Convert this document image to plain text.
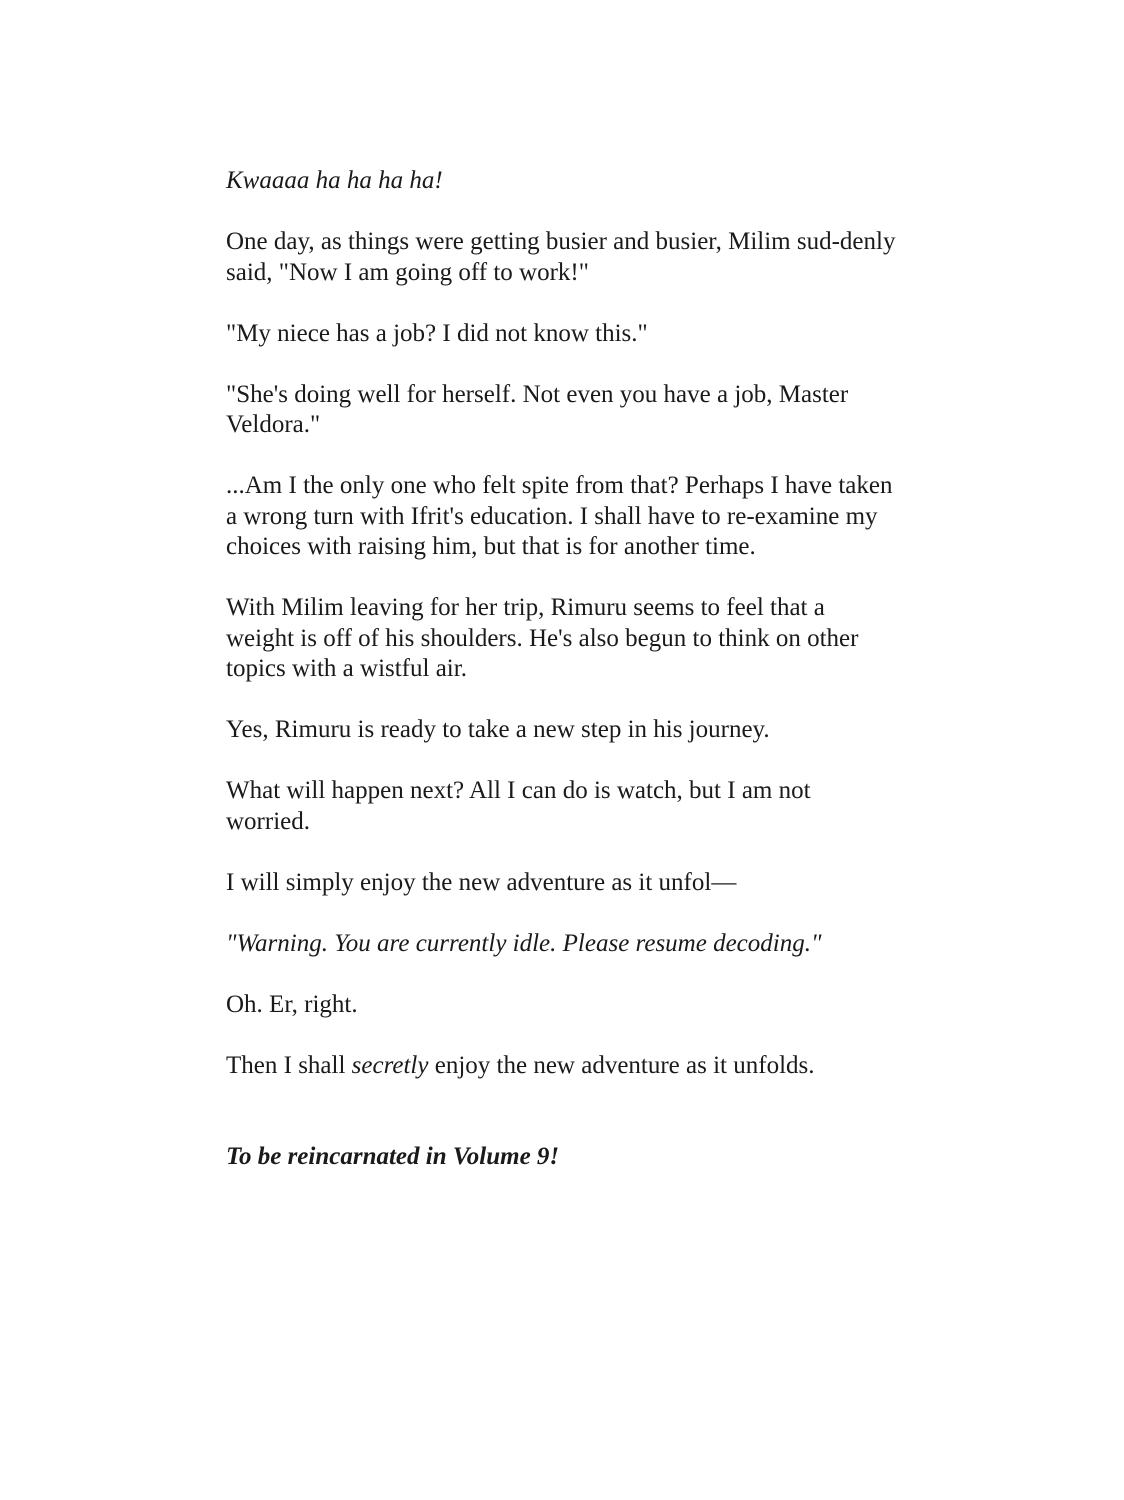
Kwaaaa ha ha ha ha!

One day, as things were getting busier and busier, Milim sud-denly said, "Now I am going off to work!"

"My niece has a job? I did not know this."

"She's doing well for herself. Not even you have a job, Master Veldora."

...Am I the only one who felt spite from that? Perhaps I have taken a wrong turn with Ifrit's education. I shall have to re-examine my choices with raising him, but that is for another time.

With Milim leaving for her trip, Rimuru seems to feel that a weight is off of his shoulders. He's also begun to think on other topics with a wistful air.

Yes, Rimuru is ready to take a new step in his journey.

What will happen next? All I can do is watch, but I am not worried.

I will simply enjoy the new adventure as it unfol—

"Warning. You are currently idle. Please resume decoding."

Oh. Er, right.

Then I shall secretly enjoy the new adventure as it unfolds.

To be reincarnated in Volume 9!
